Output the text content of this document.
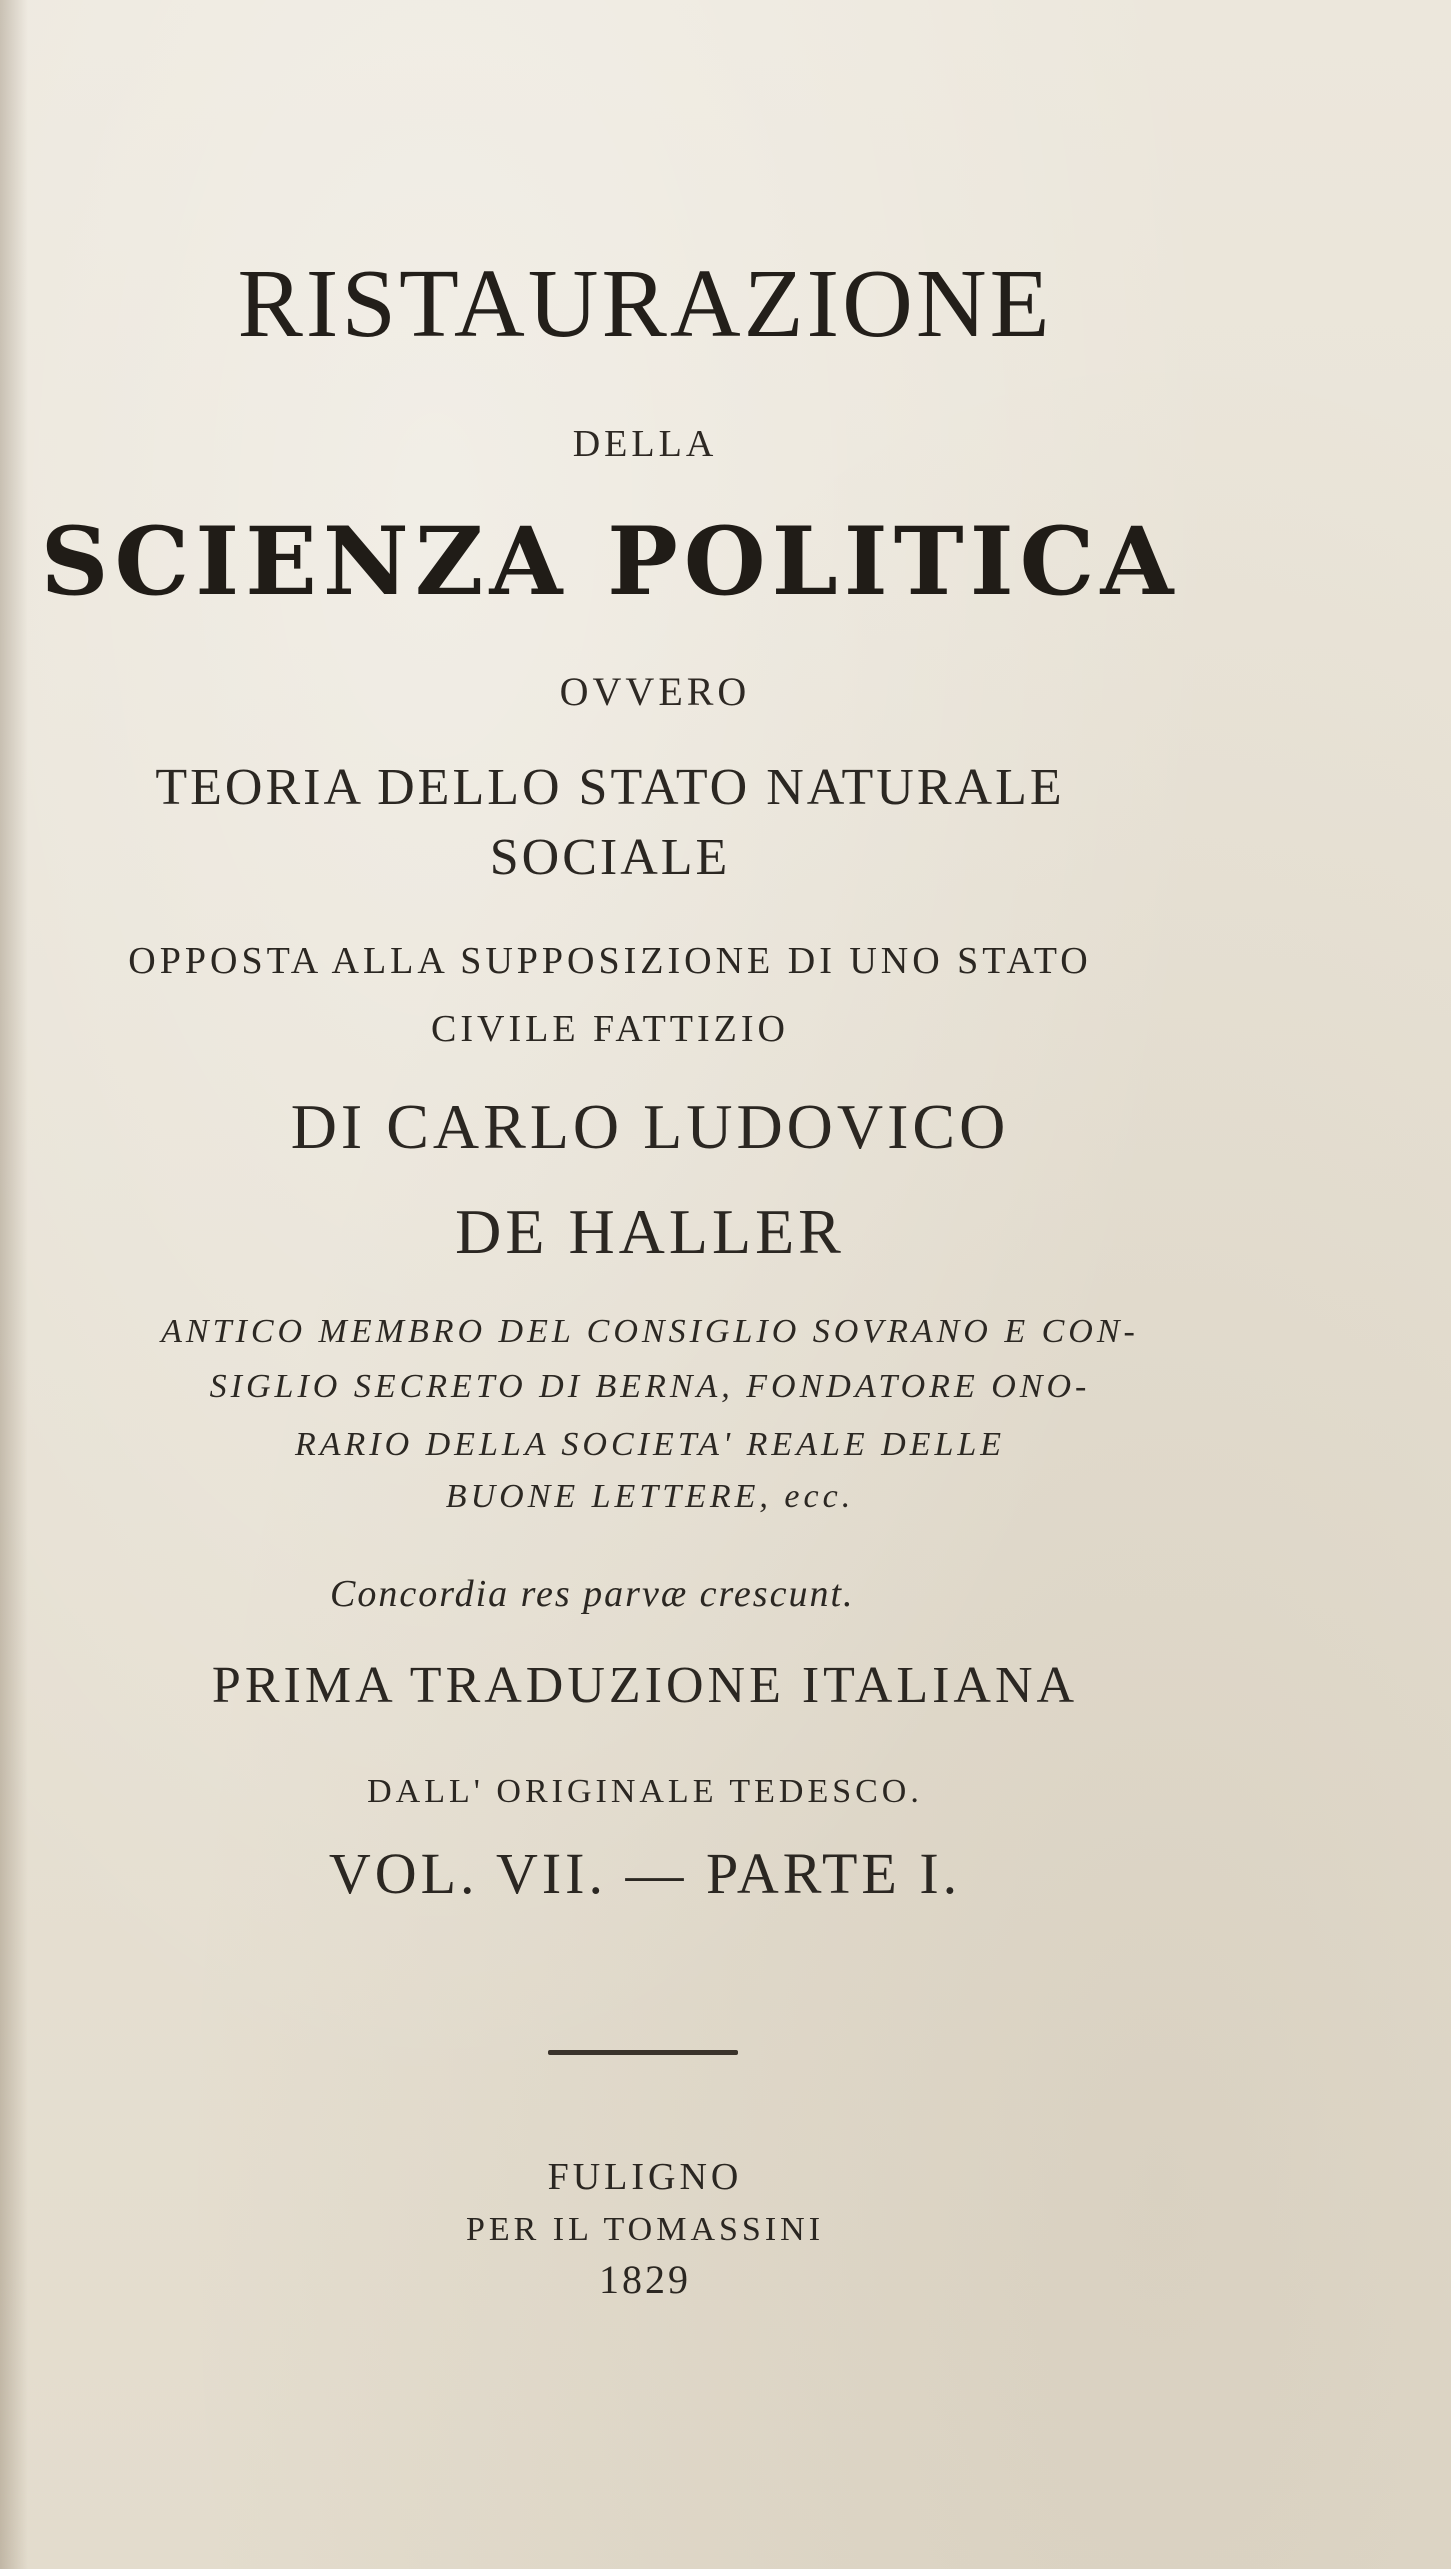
RISTAURAZIONE
DELLA
SCIENZA POLITICA
OVVERO
TEORIA DELLO STATO NATURALE
SOCIALE
OPPOSTA ALLA SUPPOSIZIONE DI UNO STATO
CIVILE FATTIZIO
DI CARLO LUDOVICO
DE HALLER
ANTICO MEMBRO DEL CONSIGLIO SOVRANO E CON-
SIGLIO SECRETO DI BERNA, FONDATORE ONO-
RARIO DELLA SOCIETA' REALE DELLE
BUONE LETTERE, ecc.
Concordia res parvæ crescunt.
PRIMA TRADUZIONE ITALIANA
DALL' ORIGINALE TEDESCO.
VOL. VII. — PARTE I.
FULIGNO
PER IL TOMASSINI
1829
